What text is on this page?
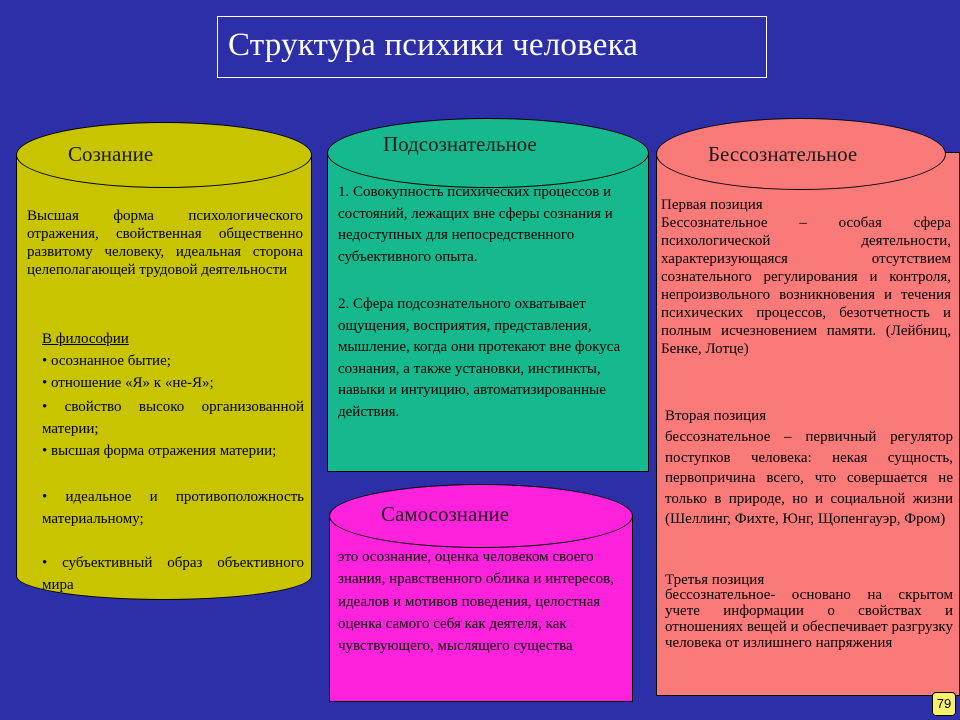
Структура психики человека
Сознание
Высшая форма психологического отражения, свойственная общественно развитому человеку, идеальная сторона целеполагающей трудовой деятельности
В философии
• осознанное бытие;
• отношение «Я» к «не-Я»;
• свойство высоко организованной материи;
• высшая форма отражения материи;
• идеальное и противоположность материальному;
• субъективный образ объективного мира
Подсознательное
1. Совокупность психических процессов и состояний, лежащих вне сферы сознания и недоступных для непосредственного субъективного опыта.
2. Сфера подсознательного охватывает ощущения, восприятия, представления, мышление, когда они протекают вне фокуса сознания, а также установки, инстинкты, навыки и интуицию, автоматизированные действия.
Самосознание
это осознание, оценка человеком своего знания, нравственного облика и интересов, идеалов и мотивов поведения, целостная оценка самого себя как деятеля, как чувствующего, мыслящего существа
Бессознательное
Первая позиция
Бессознательное – особая сфера психологической деятельности, характеризующаяся отсутствием сознательного регулирования и контроля, непроизвольного возникновения и течения психических процессов, безотчетность и полным исчезновением памяти. (Лейбниц, Бенке, Лотце)
Вторая позиция
бессознательное – первичный регулятор поступков человека: некая сущность, первопричина всего, что совершается не только в природе, но и социальной жизни (Шеллинг, Фихте, Юнг, Щопенгауэр, Фром)
Третья позиция
бессознательное- основано на скрытом учете информации о свойствах и отношениях вещей и обеспечивает разгрузку человека от излишнего напряжения
79
